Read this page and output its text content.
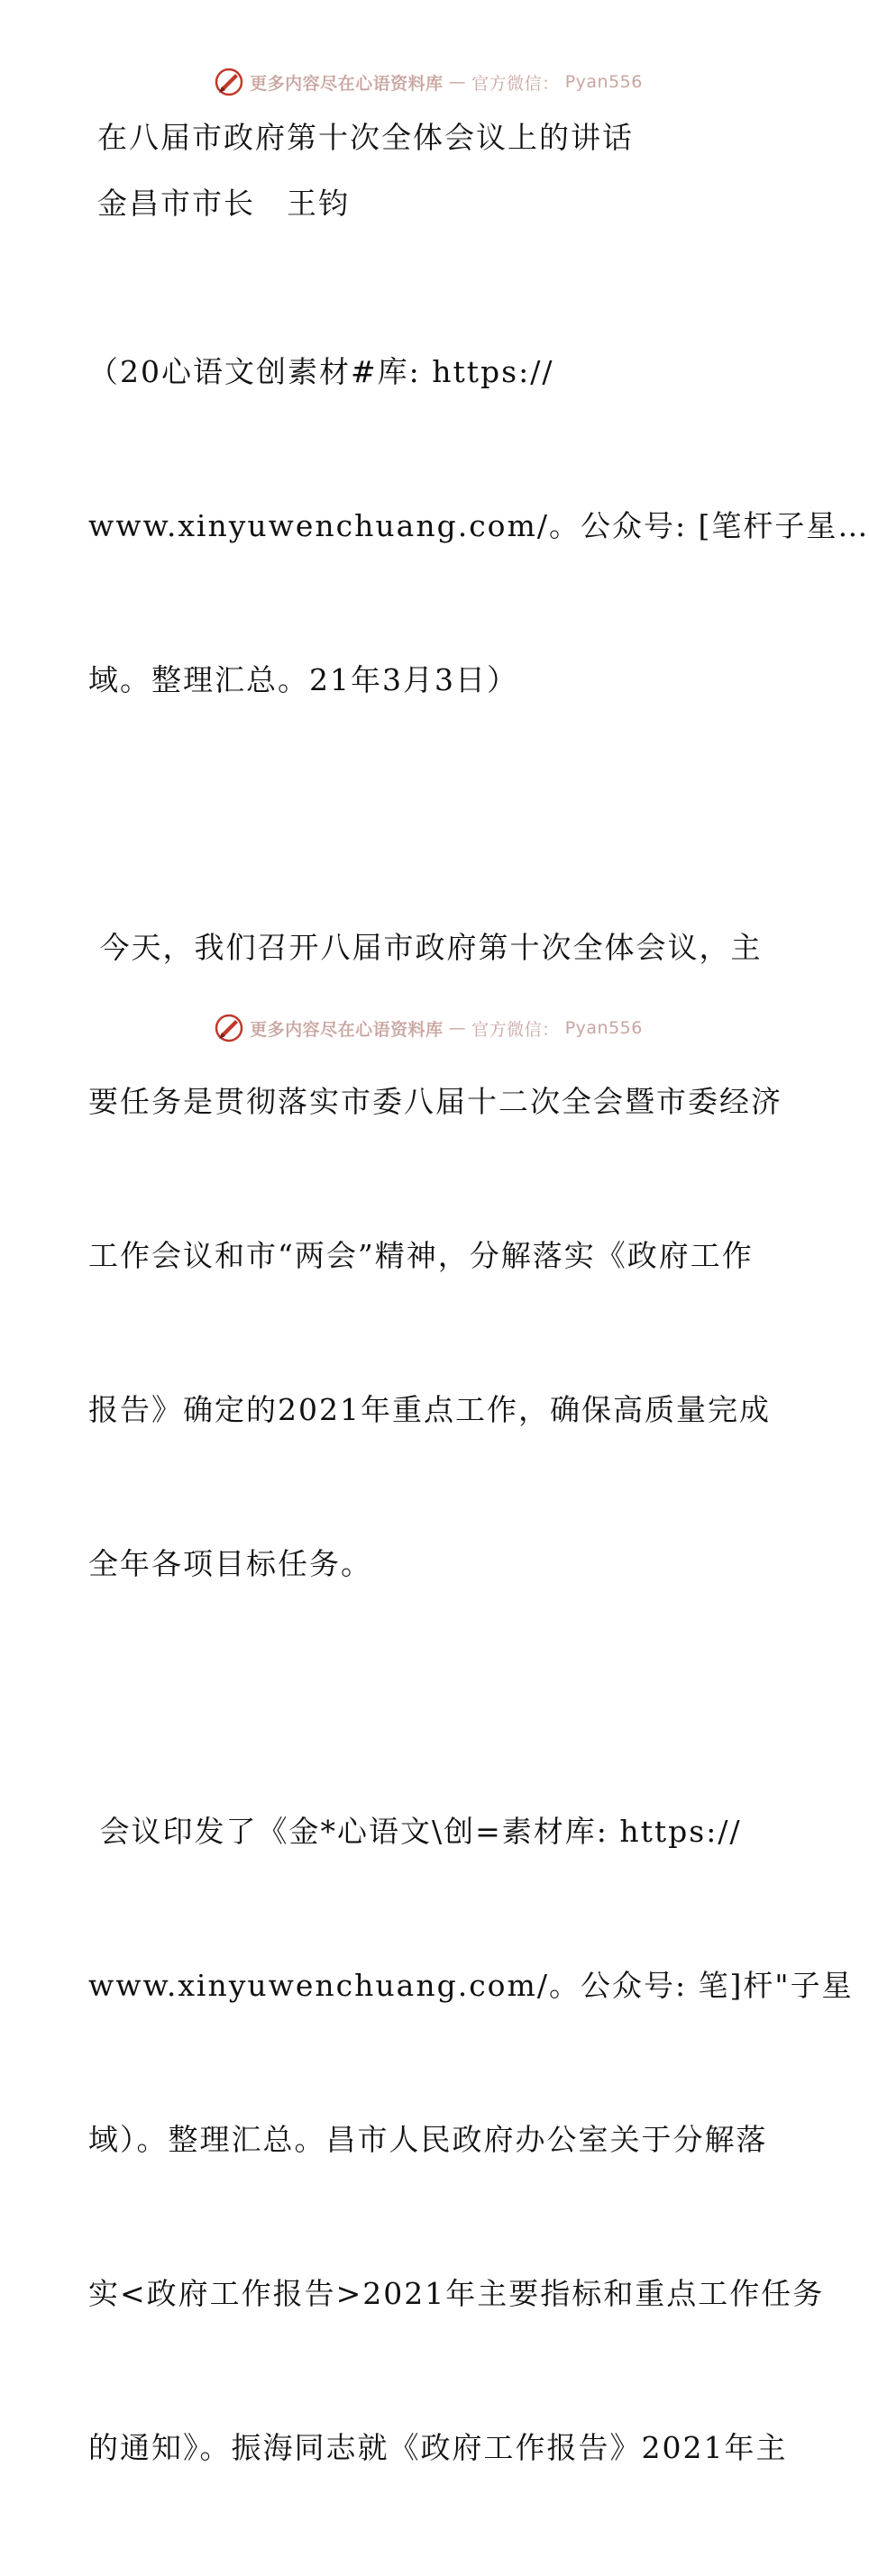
更多内容尽在心语资料库 — 官方微信： Pyan556
在八届市政府第十次全体会议上的讲话
金昌市市长　王钧

（20心语文创素材#库: https://

www.xinyuwenchuang.com/。公众号: [笔杆子星…

域。整理汇总。21年3月3日）

今天，我们召开八届市政府第十次全体会议，主

要任务是贯彻落实市委八届十二次全会暨市委经济

工作会议和市“两会”精神，分解落实《政府工作

报告》确定的2021年重点工作，确保高质量完成

全年各项目标任务。

会议印发了《金*心语文\创=素材库: https://

www.xinyuwenchuang.com/。公众号: 笔]杆"子星

域）。整理汇总。昌市人民政府办公室关于分解落

实<政府工作报告>2021年主要指标和重点工作任务

的通知》。振海同志就《政府工作报告》2021年主

更多内容尽在心语资料库 — 官方微信： Pyan556
